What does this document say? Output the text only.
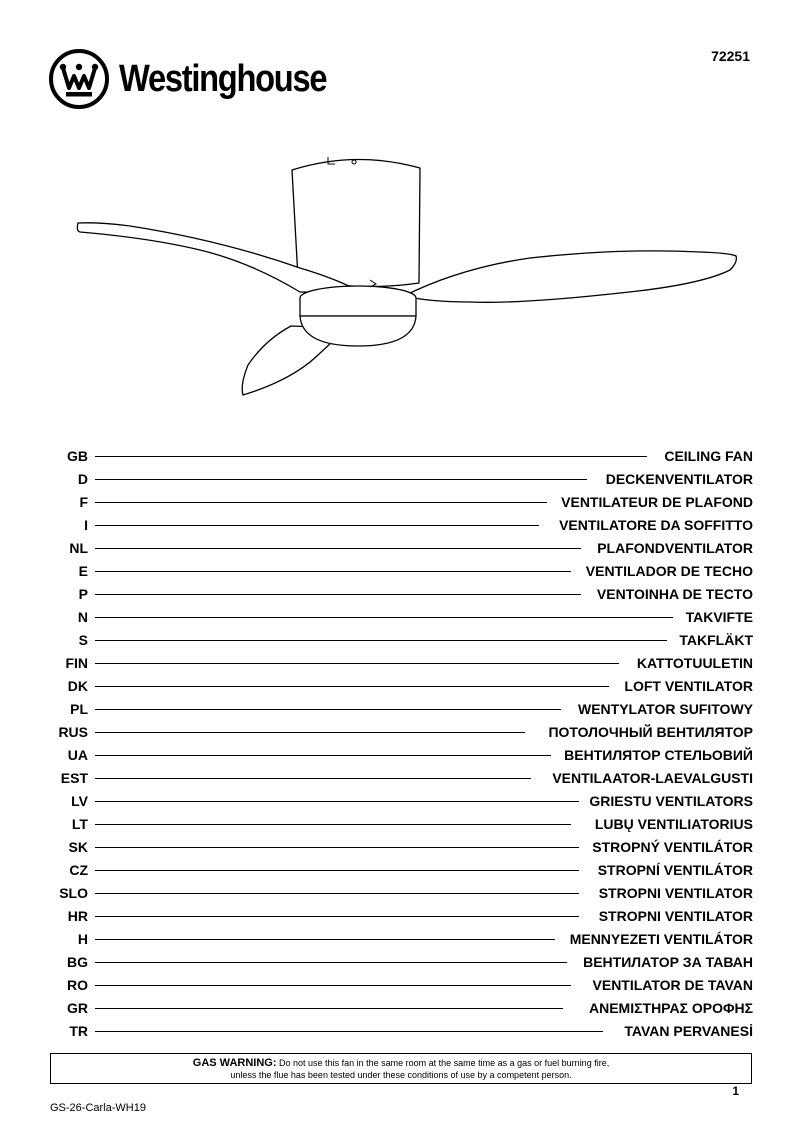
Westinghouse
72251
GB	CEILING FAN
D	DECKENVENTILATOR
F	VENTILATEUR DE PLAFOND
I	VENTILATORE DA SOFFITTO
NL	PLAFONDVENTILATOR
E	VENTILADOR DE TECHO
P	VENTOINHA DE TECTO
N	TAKVIFTE
S	TAKFLÄKT
FIN	KATTOTUULETIN
DK	LOFT VENTILATOR
PL	WENTYLATOR SUFITOWY
RUS	ПОТОЛОЧНЫЙ ВЕНТИЛЯТОР
UA	ВЕНТИЛЯТОР СТЕЛЬОВИЙ
EST	VENTILAATOR-LAEVALGUSTI
LV	GRIESTU VENTILATORS
LT	LUBŲ VENTILIATORIUS
SK	STROPNÝ VENTILÁTOR
CZ	STROPNÍ VENTILÁTOR
SLO	STROPNI VENTILATOR
HR	STROPNI VENTILATOR
H	MENNYEZETI VENTILÁTOR
BG	ВЕНТИЛАТОР ЗА ТАВАН
RO	VENTILATOR DE TAVAN
GR	ΑΝΕΜΙΣΤΗΡΑΣ ΟΡΟΦΗΣ
TR	TAVAN PERVANESİ
GAS WARNING: Do not use this fan in the same room at the same time as a gas or fuel burning fire,
unless the flue has been tested under these conditions of use by a competent person.
1
GS-26-Carla-WH19
